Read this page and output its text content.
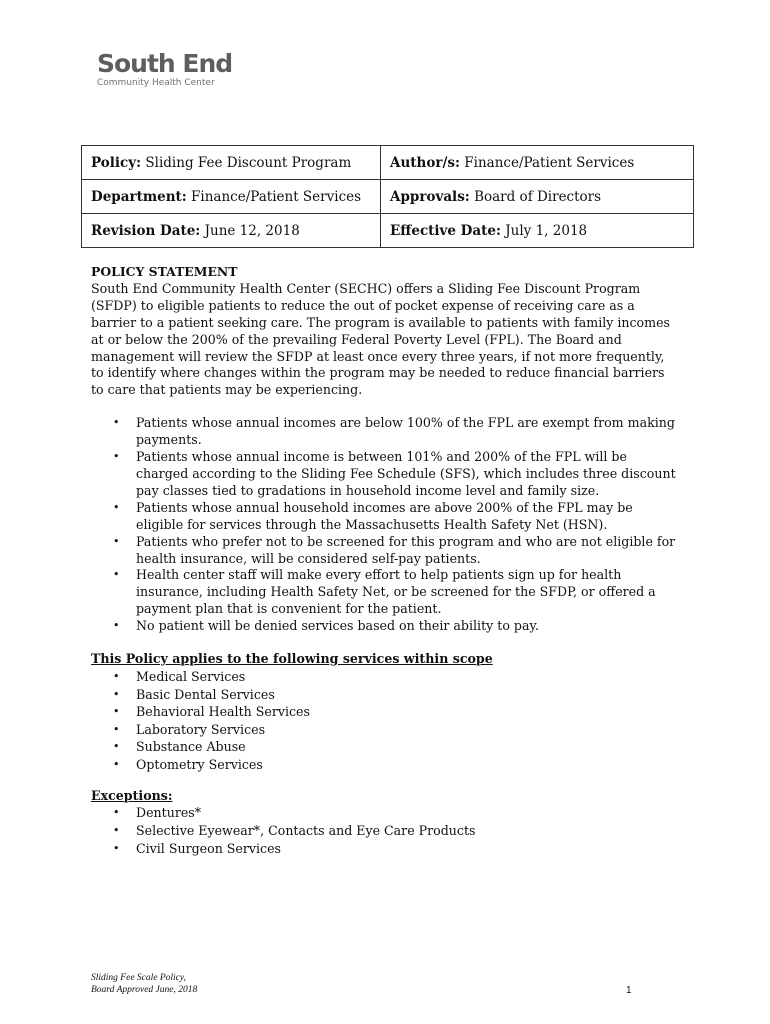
South End
Community Health Center
Policy: Sliding Fee Discount Program	Author/s: Finance/Patient Services
Department: Finance/Patient Services	Approvals: Board of Directors
Revision Date: June 12, 2018	Effective Date: July 1, 2018
POLICY STATEMENT

South End Community Health Center (SECHC) offers a Sliding Fee Discount Program (SFDP) to eligible patients to reduce the out of pocket expense of receiving care as a barrier to a patient seeking care. The program is available to patients with family incomes at or below the 200% of the prevailing Federal Poverty Level (FPL). The Board and management will review the SFDP at least once every three years, if not more frequently, to identify where changes within the program may be needed to reduce financial barriers to care that patients may be experiencing.

• Patients whose annual incomes are below 100% of the FPL are exempt from making payments.
• Patients whose annual income is between 101% and 200% of the FPL will be charged according to the Sliding Fee Schedule (SFS), which includes three discount pay classes tied to gradations in household income level and family size.
• Patients whose annual household incomes are above 200% of the FPL may be eligible for services through the Massachusetts Health Safety Net (HSN).
• Patients who prefer not to be screened for this program and who are not eligible for health insurance, will be considered self-pay patients.
• Health center staff will make every effort to help patients sign up for health insurance, including Health Safety Net, or be screened for the SFDP, or offered a payment plan that is convenient for the patient.
• No patient will be denied services based on their ability to pay.
This Policy applies to the following services within scope
• Medical Services
• Basic Dental Services
• Behavioral Health Services
• Laboratory Services
• Substance Abuse
• Optometry Services
Exceptions:
• Dentures*
• Selective Eyewear*, Contacts and Eye Care Products
• Civil Surgeon Services
Sliding Fee Scale Policy,
Board Approved June, 2018	1
